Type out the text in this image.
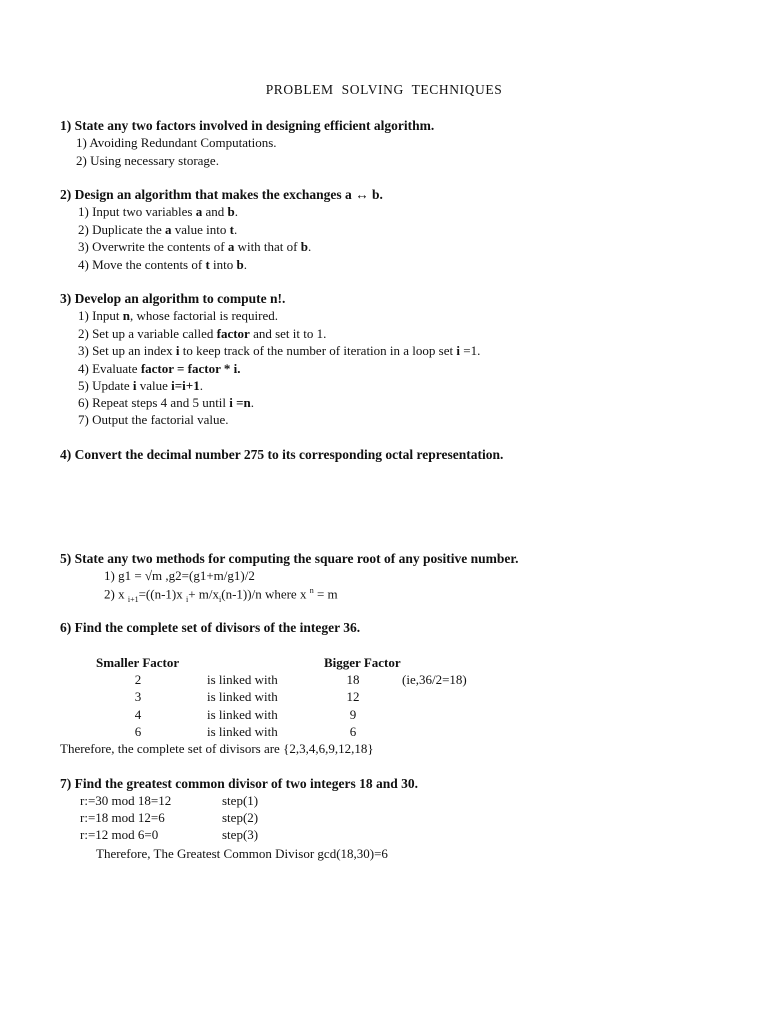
PROBLEM SOLVING TECHNIQUES
1) State any two factors involved in designing efficient algorithm.
1) Avoiding Redundant Computations.
2) Using necessary storage.
2) Design an algorithm that makes the exchanges a ↔ b.
1) Input two variables a and b.
2) Duplicate the a value into t.
3) Overwrite the contents of a with that of b.
4) Move the contents of t into b.
3) Develop an algorithm to compute n!.
1) Input n, whose factorial is required.
2) Set up a variable called factor and set it to 1.
3) Set up an index i to keep track of the number of iteration in a loop set i =1.
4) Evaluate factor = factor * i.
5) Update i value i=i+1.
6) Repeat steps 4 and 5 until i =n.
7) Output the factorial value.
4) Convert the decimal number 275 to its corresponding octal representation.
5) State any two methods for computing the square root of any positive number.
1) g1 = √m ,g2=(g1+m/g1)/2
2) x $_{i+1}$=((n-1)x $_i+ m/x_i(n-1))/n$ where x $^n$ = m
6) Find the complete set of divisors of the integer 36.
Smaller Factor	Bigger Factor
2	is linked with	18	(ie,36/2=18)
3	is linked with	12
4	is linked with	9
6	is linked with	6
Therefore, the complete set of divisors are {2,3,4,6,9,12,18}
7) Find the greatest common divisor of two integers 18 and 30.
r:=30 mod 18=12	step(1)
r:=18 mod 12=6	step(2)
r:=12 mod 6=0	step(3)
Therefore, The Greatest Common Divisor gcd(18,30)=6
